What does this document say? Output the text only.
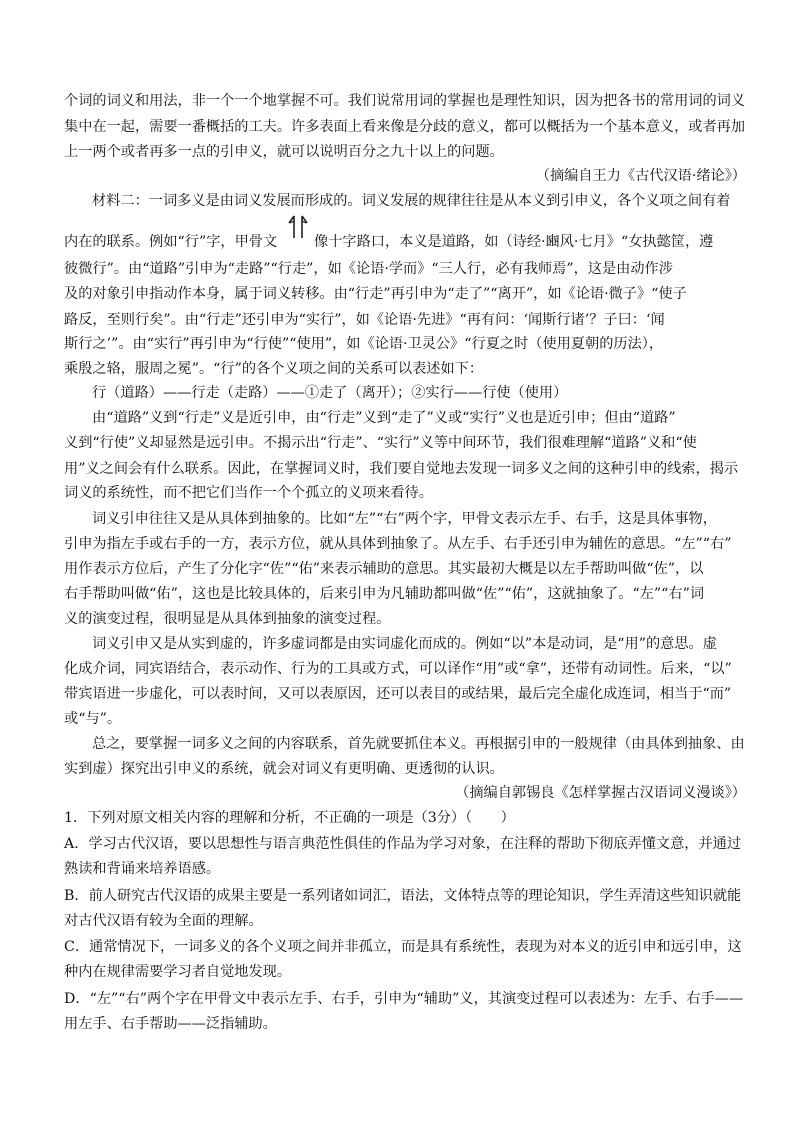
个词的词义和用法，非一个一个地掌握不可。我们说常用词的掌握也是理性知识，因为把各书的常用词的词义
集中在一起，需要一番概括的工夫。许多表面上看来像是分歧的意义，都可以概括为一个基本意义，或者再加
上一两个或者再多一点的引申义，就可以说明百分之九十以上的问题。
（摘编自王力《古代汉语·绪论》）
材料二：一词多义是由词义发展而形成的。词义发展的规律往往是从本义到引申义，各个义项之间有着
内在的联系。例如“行”字，甲骨文	像十字路口，本义是道路，如（诗经·豳风·七月》“女执懿筐，遵
彼微行”。由“道路”引申为“走路”“行走”，如《论语·学而》“三人行，必有我师焉”，这是由动作涉
及的对象引申指动作本身，属于词义转移。由“行走”再引申为“走了”“离开”，如《论语·微子》“使子
路反，至则行矣”。由“行走”还引申为“实行”，如《论语·先进》“再有问：‘闻斯行诸’？子曰：‘闻
斯行之’”。由“实行”再引申为“行使”“使用”，如《论语·卫灵公》“行夏之时（使用夏朝的历法），
乘殷之辂，服周之冕”。“行”的各个义项之间的关系可以表述如下：
行（道路）——行走（走路）——①走了（离开）；②实行——行使（使用）
由“道路”义到“行走”义是近引申，由“行走”义到“走了”义或“实行”义也是近引申；但由“道路”
义到“行使”义却显然是远引申。不揭示出“行走”、“实行”义等中间环节，我们很难理解“道路”义和“使
用”义之间会有什么联系。因此，在掌握词义时，我们要自觉地去发现一词多义之间的这种引申的线索，揭示
词义的系统性，而不把它们当作一个个孤立的义项来看待。
词义引申往往又是从具体到抽象的。比如“左”“右”两个字，甲骨文表示左手、右手，这是具体事物，
引申为指左手或右手的一方，表示方位，就从具体到抽象了。从左手、右手还引申为辅佐的意思。“左”“右”
用作表示方位后，产生了分化字“佐”“佑”来表示辅助的意思。其实最初大概是以左手帮助叫做“佐”，以
右手帮助叫做“佑”，这也是比较具体的，后来引申为凡辅助都叫做“佐”“佑”，这就抽象了。“左”“右”词
义的演变过程，很明显是从具体到抽象的演变过程。
词义引申又是从实到虚的，许多虚词都是由实词虚化而成的。例如“以”本是动词，是“用”的意思。虚
化成介词，同宾语结合，表示动作、行为的工具或方式，可以译作“用”或“拿”，还带有动词性。后来，“以”
带宾语进一步虚化，可以表时间，又可以表原因，还可以表目的或结果，最后完全虚化成连词，相当于“而”
或“与”。
总之，要掌握一词多义之间的内容联系，首先就要抓住本义。再根据引申的一般规律（由具体到抽象、由
实到虚）探究出引申义的系统，就会对词义有更明确、更透彻的认识。
（摘编自郭锡良《怎样掌握古汉语词义漫谈》）
1．下列对原文相关内容的理解和分析，不正确的一项是（3分）（　　）
A．学习古代汉语，要以思想性与语言典范性俱佳的作品为学习对象，在注释的帮助下彻底弄懂文意，并通过
熟读和背诵来培养语感。
B．前人研究古代汉语的成果主要是一系列诸如词汇，语法，文体特点等的理论知识，学生弄清这些知识就能
对古代汉语有较为全面的理解。
C．通常情况下，一词多义的各个义项之间并非孤立，而是具有系统性，表现为对本义的近引申和远引申，这
种内在规律需要学习者自觉地发现。
D．“左”“右”两个字在甲骨文中表示左手、右手，引申为“辅助”义，其演变过程可以表述为：左手、右手——
用左手、右手帮助——泛指辅助。
